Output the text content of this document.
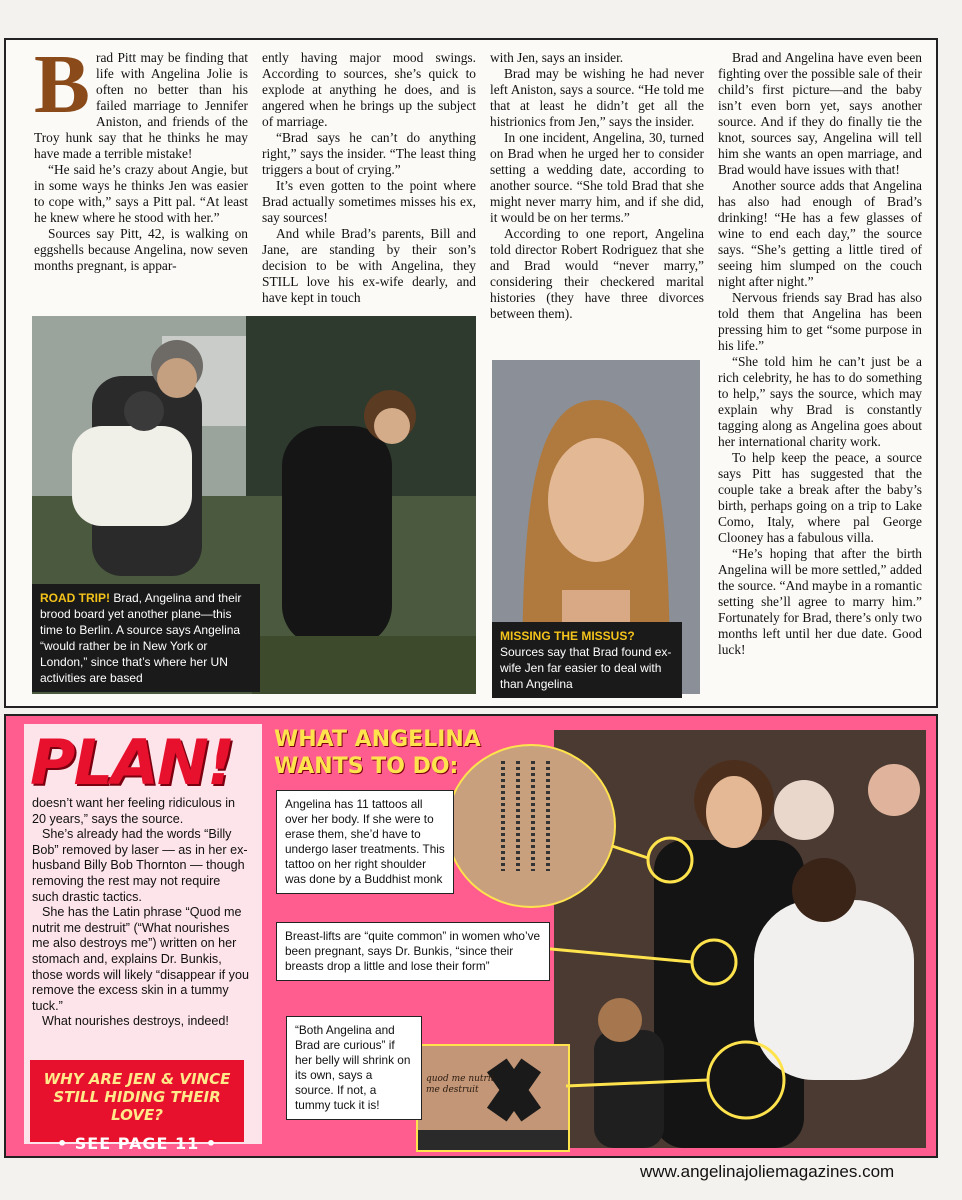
B rad Pitt may be finding that life with Angelina Jolie is often no better than his failed marriage to Jennifer Aniston, and friends of the Troy hunk say that he thinks he may have made a terrible mistake!

“He said he’s crazy about Angie, but in some ways he thinks Jen was easier to cope with,” says a Pitt pal. “At least he knew where he stood with her.”

Sources say Pitt, 42, is walking on eggshells because Angelina, now seven months pregnant, is appar-

ently having major mood swings. According to sources, she’s quick to explode at anything he does, and is angered when he brings up the subject of marriage.

“Brad says he can’t do anything right,” says the insider. “The least thing triggers a bout of crying.”

It’s even gotten to the point where Brad actually sometimes misses his ex, say sources!

And while Brad’s parents, Bill and Jane, are standing by their son’s decision to be with Angelina, they STILL love his ex-wife dearly, and have kept in touch

with Jen, says an insider.

Brad may be wishing he had never left Aniston, says a source. “He told me that at least he didn’t get all the histrionics from Jen,” says the insider.

In one incident, Angelina, 30, turned on Brad when he urged her to consider setting a wedding date, according to another source. “She told Brad that she might never marry him, and if she did, it would be on her terms.”

According to one report, Angelina told director Robert Rodriguez that she and Brad would “never marry,” considering their checkered marital histories (they have three divorces between them).

Brad and Angelina have even been fighting over the possible sale of their child’s first picture—and the baby isn’t even born yet, says another source. And if they do finally tie the knot, sources say, Angelina will tell him she wants an open marriage, and Brad would have issues with that!

Another source adds that Angelina has also had enough of Brad’s drinking! “He has a few glasses of wine to end each day,” the source says. “She’s getting a little tired of seeing him slumped on the couch night after night.”

Nervous friends say Brad has also told them that Angelina has been pressing him to get “some purpose in his life.”

“She told him he can’t just be a rich celebrity, he has to do something to help,” says the source, which may explain why Brad is constantly tagging along as Angelina goes about her international charity work.

To help keep the peace, a source says Pitt has suggested that the couple take a break after the baby’s birth, perhaps going on a trip to Lake Como, Italy, where pal George Clooney has a fabulous villa.

“He’s hoping that after the birth Angelina will be more settled,” added the source. “And maybe in a romantic setting she’ll agree to marry him.” Fortunately for Brad, there’s only two months left until her due date. Good luck!

ROAD TRIP! Brad, Angelina and their brood board yet another plane—this time to Berlin. A source says Angelina “would rather be in New York or London,” since that’s where her UN activities are based
MISSING THE MISSUS?
Sources say that Brad found ex-wife Jen far easier to deal with than Angelina
PLAN!

doesn’t want her feeling ridiculous in 20 years,” says the source.

She’s already had the words “Billy Bob” removed by laser — as in her ex-husband Billy Bob Thornton — though removing the rest may not require such drastic tactics.

She has the Latin phrase “Quod me nutrit me destruit” (“What nourishes me also destroys me”) written on her stomach and, explains Dr. Bunkis, those words will likely “disappear if you remove the excess skin in a tummy tuck.”

What nourishes destroys, indeed!

WHY ARE JEN & VINCE STILL HIDING THEIR LOVE?
• SEE PAGE 11 •
WHAT ANGELINA
WANTS TO DO:
quod me nutrit me destruit
Angelina has 11 tattoos all over her body. If she were to erase them, she’d have to undergo laser treatments. This tattoo on her right shoulder was done by a Buddhist monk
Breast-lifts are “quite common” in women who’ve been pregnant, says Dr. Bunkis, “since their breasts drop a little and lose their form”
“Both Angelina and Brad are curious” if her belly will shrink on its own, says a source. If not, a tummy tuck it is!
www.angelinajoliemagazines.com
